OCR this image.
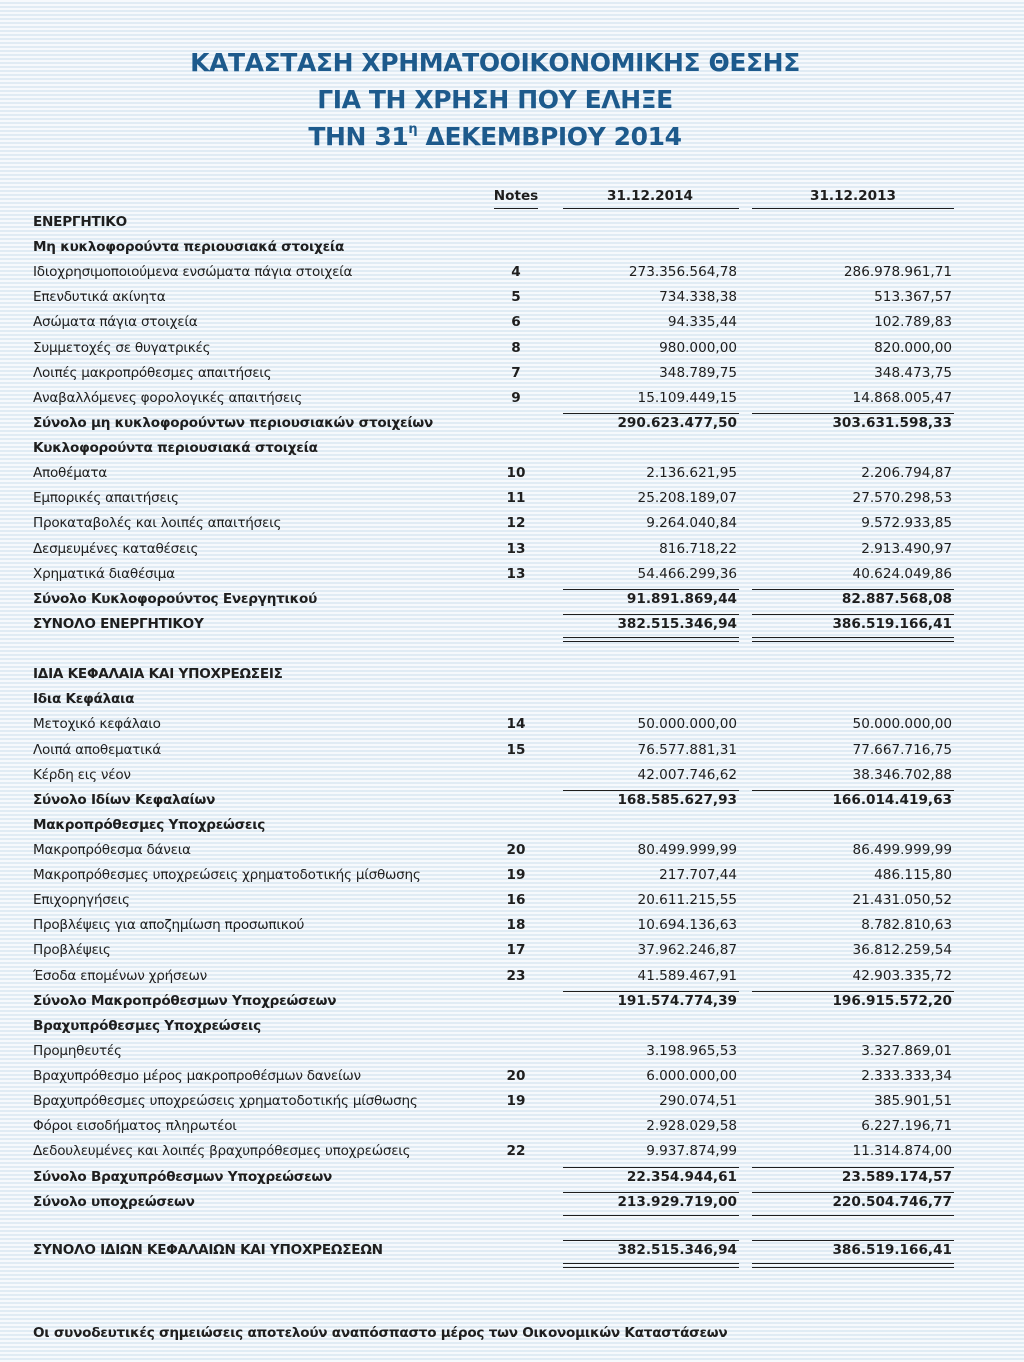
ΚΑΤΑΣΤΑΣΗ ΧΡΗΜΑΤΟΟΙΚΟΝΟΜΙΚΗΣ ΘΕΣΗΣ
ΓΙΑ ΤΗ ΧΡΗΣΗ ΠΟΥ ΕΛΗΞΕ
ΤΗΝ $31^\eta$ ΔΕΚΕΜΒΡΙΟΥ 2014
Notes	31.12.2014	31.12.2013
ΕΝΕΡΓΗΤΙΚΟ
Μη κυκλοφορούντα περιουσιακά στοιχεία
Ιδιοχρησιμοποιούμενα ενσώματα πάγια στοιχεία	4	273.356.564,78	286.978.961,71
Επενδυτικά ακίνητα	5	734.338,38	513.367,57
Ασώματα πάγια στοιχεία	6	94.335,44	102.789,83
Συμμετοχές σε θυγατρικές	8	980.000,00	820.000,00
Λοιπές μακροπρόθεσμες απαιτήσεις	7	348.789,75	348.473,75
Αναβαλλόμενες φορολογικές απαιτήσεις	9	15.109.449,15	14.868.005,47
Σύνολο μη κυκλοφορούντων περιουσιακών στοιχείων	290.623.477,50	303.631.598,33
Κυκλοφορούντα περιουσιακά στοιχεία
Αποθέματα	10	2.136.621,95	2.206.794,87
Εμπορικές απαιτήσεις	11	25.208.189,07	27.570.298,53
Προκαταβολές και λοιπές απαιτήσεις	12	9.264.040,84	9.572.933,85
Δεσμευμένες καταθέσεις	13	816.718,22	2.913.490,97
Χρηματικά διαθέσιμα	13	54.466.299,36	40.624.049,86
Σύνολο Κυκλοφορούντος Ενεργητικού	91.891.869,44	82.887.568,08
ΣΥΝΟΛΟ ΕΝΕΡΓΗΤΙΚΟΥ	382.515.346,94	386.519.166,41
ΙΔΙΑ ΚΕΦΑΛΑΙΑ ΚΑΙ ΥΠΟΧΡΕΩΣΕΙΣ
Ιδια Κεφάλαια
Μετοχικό κεφάλαιο	14	50.000.000,00	50.000.000,00
Λοιπά αποθεματικά	15	76.577.881,31	77.667.716,75
Κέρδη εις νέον	42.007.746,62	38.346.702,88
Σύνολο Ιδίων Κεφαλαίων	168.585.627,93	166.014.419,63
Μακροπρόθεσμες Υποχρεώσεις
Μακροπρόθεσμα δάνεια	20	80.499.999,99	86.499.999,99
Μακροπρόθεσμες υποχρεώσεις χρηματοδοτικής μίσθωσης	19	217.707,44	486.115,80
Επιχορηγήσεις	16	20.611.215,55	21.431.050,52
Προβλέψεις για αποζημίωση προσωπικού	18	10.694.136,63	8.782.810,63
Προβλέψεις	17	37.962.246,87	36.812.259,54
Έσοδα επομένων χρήσεων	23	41.589.467,91	42.903.335,72
Σύνολο Μακροπρόθεσμων Υποχρεώσεων	191.574.774,39	196.915.572,20
Βραχυπρόθεσμες Υποχρεώσεις
Προμηθευτές	3.198.965,53	3.327.869,01
Βραχυπρόθεσμο μέρος μακροπροθέσμων δανείων	20	6.000.000,00	2.333.333,34
Βραχυπρόθεσμες υποχρεώσεις χρηματοδοτικής μίσθωσης	19	290.074,51	385.901,51
Φόροι εισοδήματος πληρωτέοι	2.928.029,58	6.227.196,71
Δεδουλευμένες και λοιπές βραχυπρόθεσμες υποχρεώσεις	22	9.937.874,99	11.314.874,00
Σύνολο Βραχυπρόθεσμων Υποχρεώσεων	22.354.944,61	23.589.174,57
Σύνολο υποχρεώσεων	213.929.719,00	220.504.746,77
ΣΥΝΟΛΟ ΙΔΙΩΝ ΚΕΦΑΛΑΙΩΝ ΚΑΙ ΥΠΟΧΡΕΩΣΕΩΝ	382.515.346,94	386.519.166,41
Οι συνοδευτικές σημειώσεις αποτελούν αναπόσπαστο μέρος των Οικονομικών Καταστάσεων
